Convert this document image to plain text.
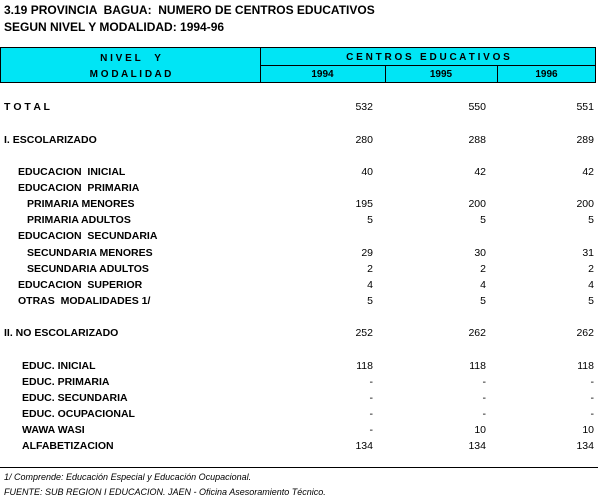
3.19 PROVINCIA  BAGUA:  NUMERO DE CENTROS EDUCATIVOS
SEGUN NIVEL Y MODALIDAD: 1994-96
N I V E L     Y
M O D A L I D A D
C E N T R O S   E D U C A T I V O S
1994	1995	1996
T O T A L	532	550	551
I. ESCOLARIZADO	280	288	289
EDUCACION  INICIAL	40	42	42
EDUCACION  PRIMARIA
PRIMARIA MENORES	195	200	200
PRIMARIA ADULTOS	5	5	5
EDUCACION  SECUNDARIA
SECUNDARIA MENORES	29	30	31
SECUNDARIA ADULTOS	2	2	2
EDUCACION  SUPERIOR	4	4	4
OTRAS  MODALIDADES 1/	5	5	5
II. NO ESCOLARIZADO	252	262	262
EDUC. INICIAL	118	118	118
EDUC. PRIMARIA	-	-	-
EDUC. SECUNDARIA	-	-	-
EDUC. OCUPACIONAL	-	-	-
WAWA WASI	-	10	10
ALFABETIZACION	134	134	134
1/ Comprende: Educación Especial y Educación Ocupacional.
FUENTE: SUB REGION I EDUCACION. JAEN - Oficina Asesoramiento Técnico.
